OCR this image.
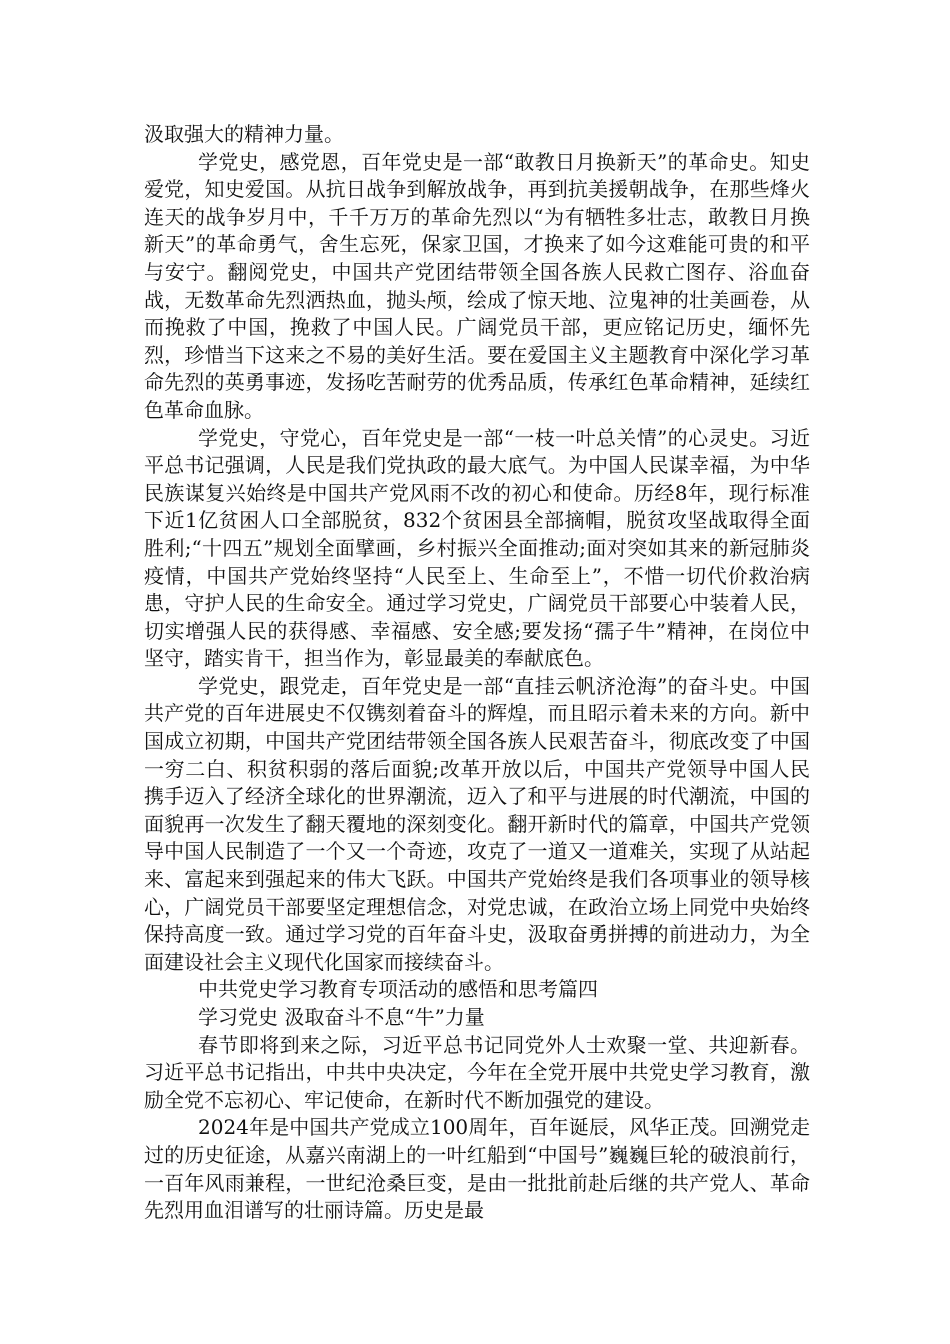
汲取强大的精神力量。

学党史，感党恩，百年党史是一部“敢教日月换新天”的革命史。知史爱党，知史爱国。从抗日战争到解放战争，再到抗美援朝战争，在那些烽火连天的战争岁月中，千千万万的革命先烈以“为有牺牲多壮志，敢教日月换新天”的革命勇气，舍生忘死，保家卫国，才换来了如今这难能可贵的和平与安宁。翻阅党史，中国共产党团结带领全国各族人民救亡图存、浴血奋战，无数革命先烈洒热血，抛头颅，绘成了惊天地、泣鬼神的壮美画卷，从而挽救了中国，挽救了中国人民。广阔党员干部，更应铭记历史，缅怀先烈，珍惜当下这来之不易的美好生活。要在爱国主义主题教育中深化学习革命先烈的英勇事迹，发扬吃苦耐劳的优秀品质，传承红色革命精神，延续红色革命血脉。

学党史，守党心，百年党史是一部“一枝一叶总关情”的心灵史。习近平总书记强调，人民是我们党执政的最大底气。为中国人民谋幸福，为中华民族谋复兴始终是中国共产党风雨不改的初心和使命。历经8年，现行标准下近1亿贫困人口全部脱贫，832个贫困县全部摘帽，脱贫攻坚战取得全面胜利;“十四五”规划全面擘画，乡村振兴全面推动;面对突如其来的新冠肺炎疫情，中国共产党始终坚持“人民至上、生命至上”，不惜一切代价救治病患，守护人民的生命安全。通过学习党史，广阔党员干部要心中装着人民，切实增强人民的获得感、幸福感、安全感;要发扬“孺子牛”精神，在岗位中坚守，踏实肯干，担当作为，彰显最美的奉献底色。

学党史，跟党走，百年党史是一部“直挂云帆济沧海”的奋斗史。中国共产党的百年进展史不仅镌刻着奋斗的辉煌，而且昭示着未来的方向。新中国成立初期，中国共产党团结带领全国各族人民艰苦奋斗，彻底改变了中国一穷二白、积贫积弱的落后面貌;改革开放以后，中国共产党领导中国人民携手迈入了经济全球化的世界潮流，迈入了和平与进展的时代潮流，中国的面貌再一次发生了翻天覆地的深刻变化。翻开新时代的篇章，中国共产党领导中国人民制造了一个又一个奇迹，攻克了一道又一道难关，实现了从站起来、富起来到强起来的伟大飞跃。中国共产党始终是我们各项事业的领导核心，广阔党员干部要坚定理想信念，对党忠诚，在政治立场上同党中央始终保持高度一致。通过学习党的百年奋斗史，汲取奋勇拼搏的前进动力，为全面建设社会主义现代化国家而接续奋斗。

中共党史学习教育专项活动的感悟和思考篇四

学习党史 汲取奋斗不息“牛”力量

春节即将到来之际，习近平总书记同党外人士欢聚一堂、共迎新春。习近平总书记指出，中共中央决定，今年在全党开展中共党史学习教育，激励全党不忘初心、牢记使命，在新时代不断加强党的建设。

2024年是中国共产党成立100周年，百年诞辰，风华正茂。回溯党走过的历史征途，从嘉兴南湖上的一叶红船到“中国号”巍巍巨轮的破浪前行，一百年风雨兼程，一世纪沧桑巨变，是由一批批前赴后继的共产党人、革命先烈用血泪谱写的壮丽诗篇。历史是最
